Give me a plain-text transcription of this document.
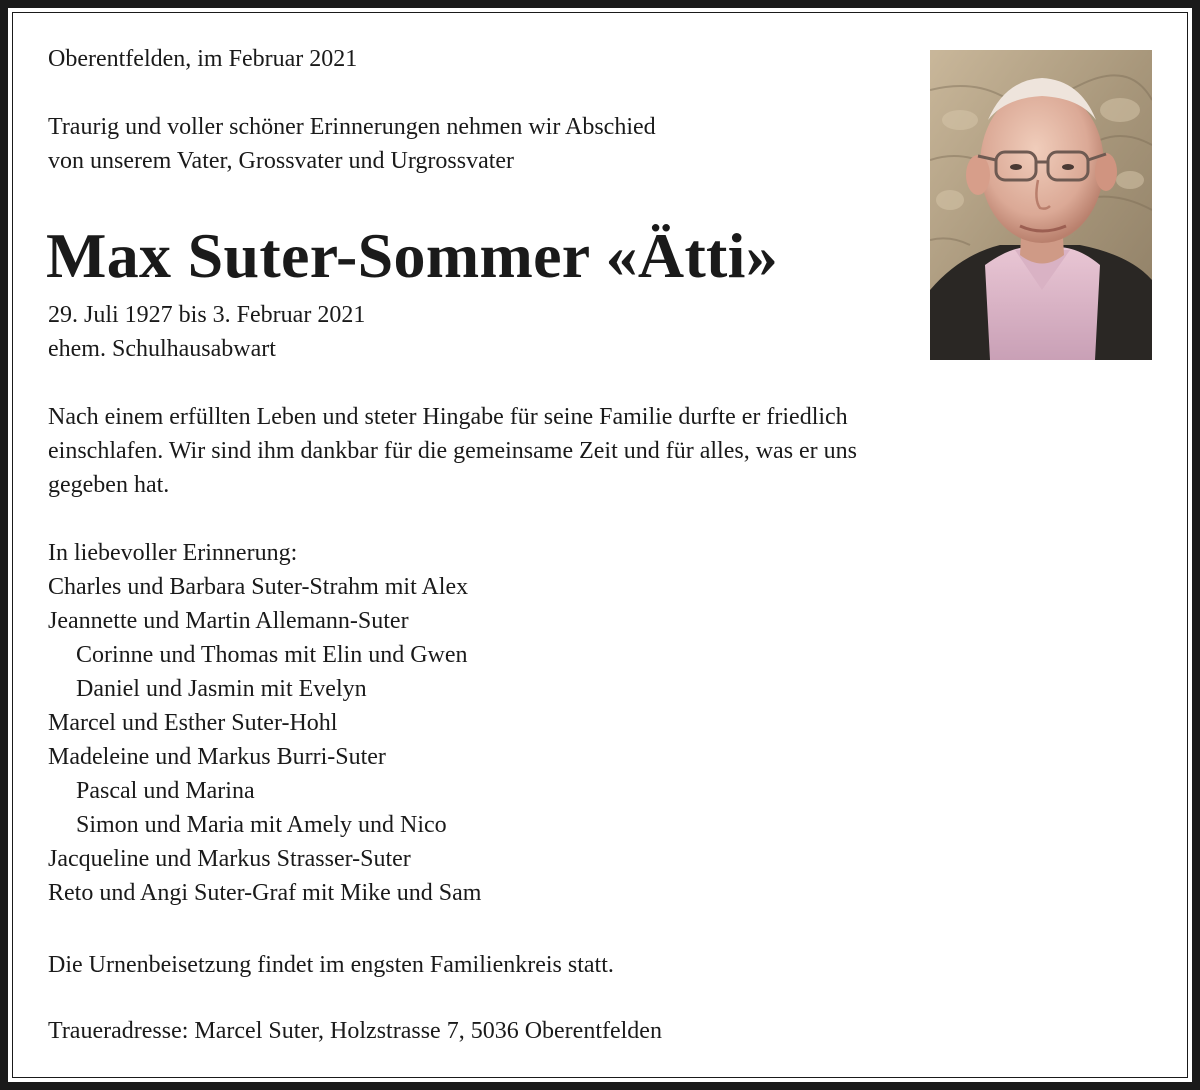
Oberentfelden, im Februar 2021
Traurig und voller schöner Erinnerungen nehmen wir Abschied
von unserem Vater, Grossvater und Urgrossvater
Max Suter-Sommer «Ätti»
29. Juli 1927 bis 3. Februar 2021
ehem. Schulhausabwart
Nach einem erfüllten Leben und steter Hingabe für seine Familie durfte er friedlich
einschlafen. Wir sind ihm dankbar für die gemeinsame Zeit und für alles, was er uns
gegeben hat.
In liebevoller Erinnerung:
Charles und Barbara Suter-Strahm mit Alex
Jeannette und Martin Allemann-Suter
Corinne und Thomas mit Elin und Gwen
Daniel und Jasmin mit Evelyn
Marcel und Esther Suter-Hohl
Madeleine und Markus Burri-Suter
Pascal und Marina
Simon und Maria mit Amely und Nico
Jacqueline und Markus Strasser-Suter
Reto und Angi Suter-Graf mit Mike und Sam
Die Urnenbeisetzung findet im engsten Familienkreis statt.
Traueradresse: Marcel Suter, Holzstrasse 7, 5036 Oberentfelden
